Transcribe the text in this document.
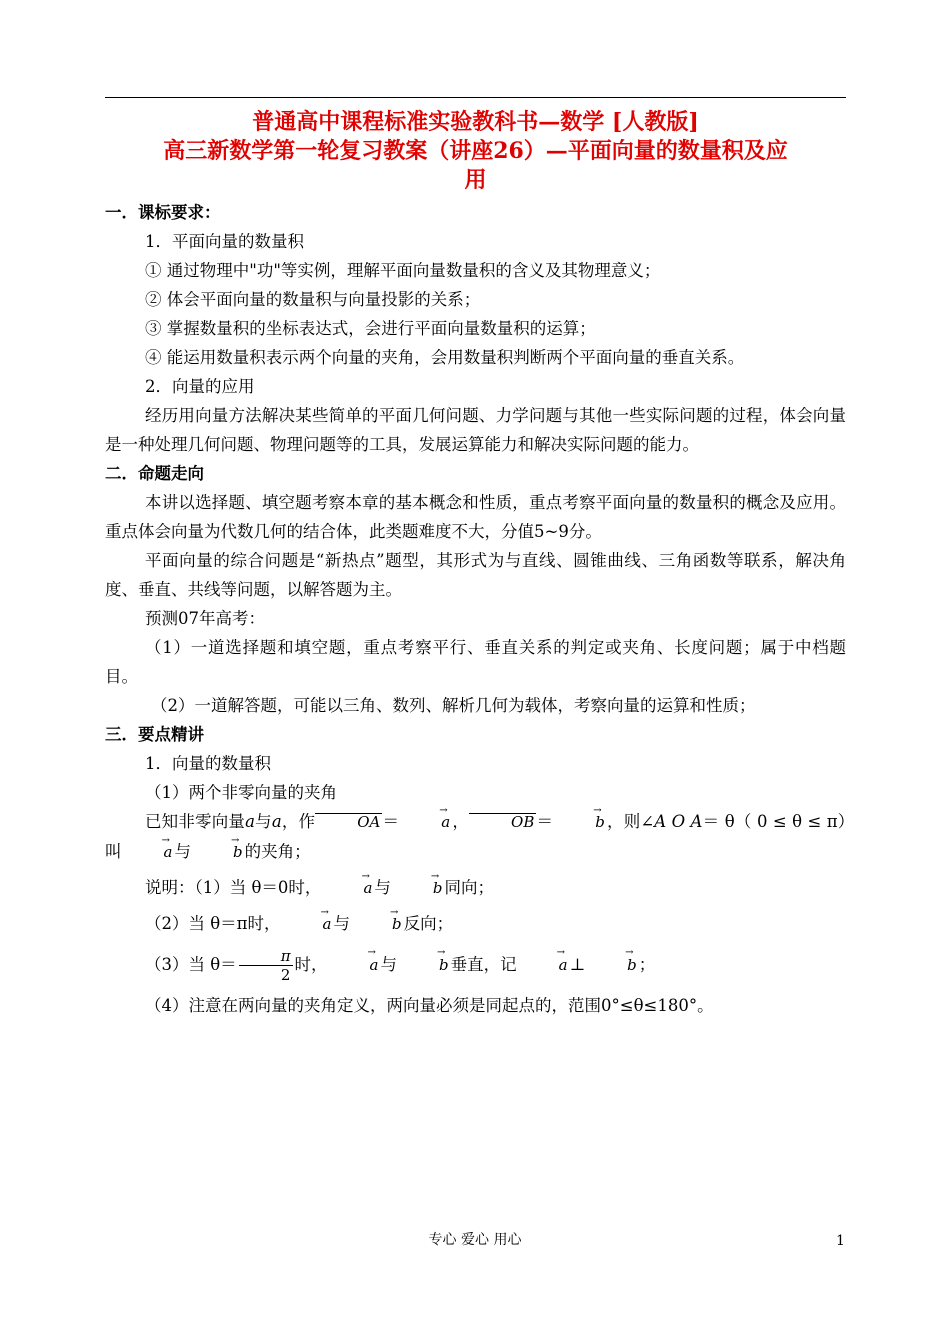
普通高中课程标准实验教科书—数学 [人教版]
高三新数学第一轮复习教案（讲座26）—平面向量的数量积及应
用

一．课标要求：

1．平面向量的数量积

① 通过物理中"功"等实例，理解平面向量数量积的含义及其物理意义；

② 体会平面向量的数量积与向量投影的关系；

③ 掌握数量积的坐标表达式，会进行平面向量数量积的运算；

④ 能运用数量积表示两个向量的夹角，会用数量积判断两个平面向量的垂直关系。

2．向量的应用

经历用向量方法解决某些简单的平面几何问题、力学问题与其他一些实际问题的过程，体会向量是一种处理几何问题、物理问题等的工具，发展运算能力和解决实际问题的能力。

二．命题走向

本讲以选择题、填空题考察本章的基本概念和性质，重点考察平面向量的数量积的概念及应用。重点体会向量为代数几何的结合体，此类题难度不大，分值5~9分。

平面向量的综合问题是“新热点”题型，其形式为与直线、圆锥曲线、三角函数等联系，解决角度、垂直、共线等问题，以解答题为主。

预测07年高考：

（1）一道选择题和填空题，重点考察平行、垂直关系的判定或夹角、长度问题；属于中档题目。

（2）一道解答题，可能以三角、数列、解析几何为载体，考察向量的运算和性质；

三．要点精讲

1．向量的数量积

（1）两个非零向量的夹角

已知非零向量a与a，作	OA ＝	→ a ，	OB ＝	→ b ，则∠A O A＝ θ（ 0 ≤ θ ≤ π）叫	→ a 与	→ b 的夹角；

说明：（1）当 θ＝0时，	→ a 与	→ b 同向；

（2）当 θ＝π时，	→ a 与	→ b 反向；

（3）当 $\theta= \frac{\pi}{2}$ 时，	→ a 与	→ b 垂直，记	→ a ⊥	→ b ；

（4）注意在两向量的夹角定义，两向量必须是同起点的，范围0°≤θ≤180°。

专心 爱心 用心	1
